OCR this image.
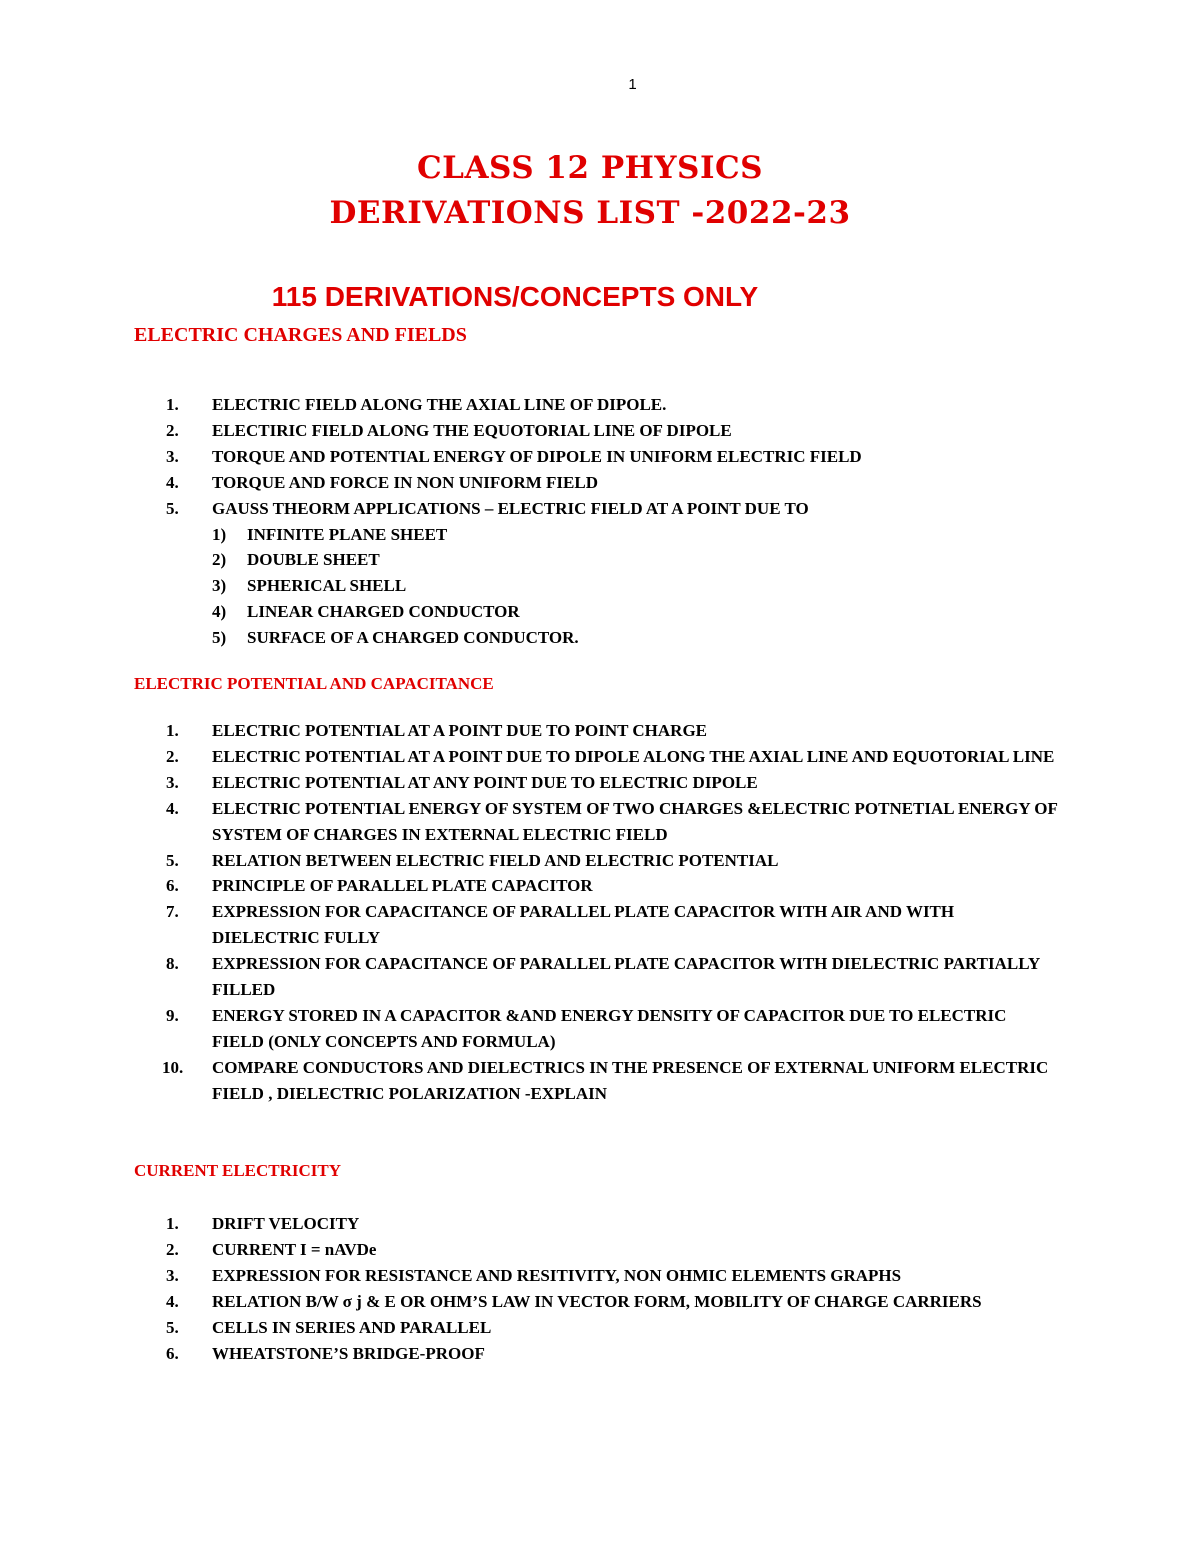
1
CLASS 12 PHYSICS
DERIVATIONS LIST -2022-23
115 DERIVATIONS/CONCEPTS ONLY
ELECTRIC CHARGES AND FIELDS
1. ELECTRIC FIELD ALONG THE AXIAL LINE OF DIPOLE.
2. ELECTIRIC FIELD ALONG THE EQUOTORIAL LINE OF DIPOLE
3. TORQUE AND POTENTIAL ENERGY OF DIPOLE IN UNIFORM ELECTRIC FIELD
4. TORQUE AND FORCE IN NON UNIFORM FIELD
5. GAUSS THEORM APPLICATIONS – ELECTRIC FIELD AT A POINT DUE TO
1) INFINITE PLANE SHEET
2) DOUBLE SHEET
3) SPHERICAL SHELL
4) LINEAR CHARGED CONDUCTOR
5) SURFACE OF A CHARGED CONDUCTOR.
ELECTRIC POTENTIAL AND CAPACITANCE
1. ELECTRIC POTENTIAL AT A POINT DUE TO POINT CHARGE
2. ELECTRIC POTENTIAL AT A POINT DUE TO DIPOLE ALONG THE AXIAL LINE AND EQUOTORIAL LINE
3. ELECTRIC POTENTIAL AT ANY POINT DUE TO ELECTRIC DIPOLE
4. ELECTRIC POTENTIAL ENERGY OF SYSTEM OF TWO CHARGES &ELECTRIC POTNETIAL ENERGY OF SYSTEM OF CHARGES IN EXTERNAL ELECTRIC FIELD
5. RELATION BETWEEN ELECTRIC FIELD AND ELECTRIC POTENTIAL
6. PRINCIPLE OF PARALLEL PLATE CAPACITOR
7. EXPRESSION FOR CAPACITANCE OF PARALLEL PLATE CAPACITOR WITH AIR AND WITH DIELECTRIC FULLY
8. EXPRESSION FOR CAPACITANCE OF PARALLEL PLATE CAPACITOR WITH DIELECTRIC PARTIALLY FILLED
9. ENERGY STORED IN A CAPACITOR &AND ENERGY DENSITY OF CAPACITOR DUE TO ELECTRIC FIELD (ONLY CONCEPTS AND FORMULA)
10. COMPARE CONDUCTORS AND DIELECTRICS IN THE PRESENCE OF EXTERNAL UNIFORM ELECTRIC FIELD , DIELECTRIC POLARIZATION -EXPLAIN
CURRENT ELECTRICITY
1. DRIFT VELOCITY
2. CURRENT I = nAVDe
3. EXPRESSION FOR RESISTANCE AND RESITIVITY, NON OHMIC ELEMENTS GRAPHS
4. RELATION B/W σ j & E OR OHM’S LAW IN VECTOR FORM, MOBILITY OF CHARGE CARRIERS
5. CELLS IN SERIES AND PARALLEL
6. WHEATSTONE’S BRIDGE-PROOF
